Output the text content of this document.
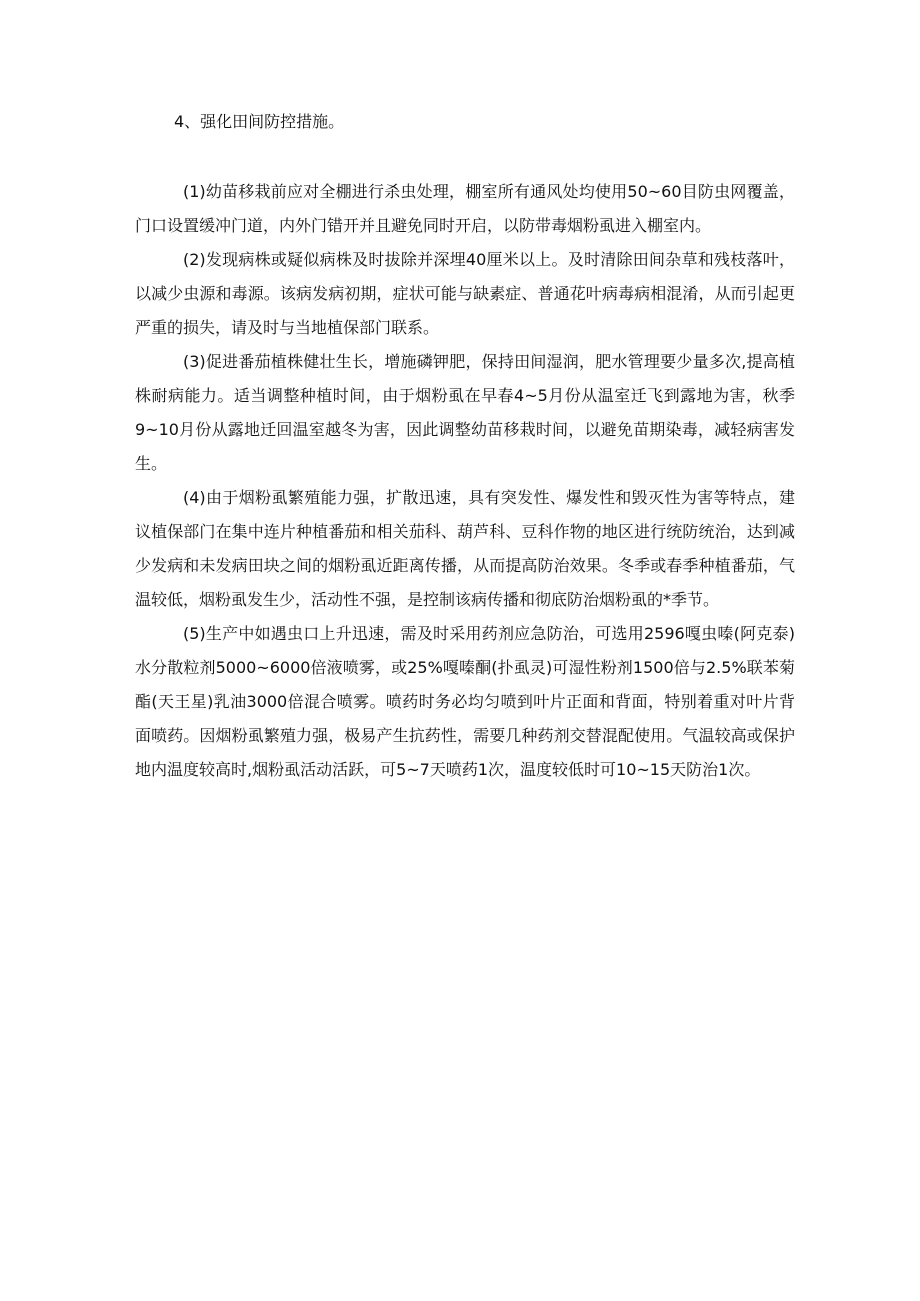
4、强化田间防控措施。

(1)幼苗移栽前应对全棚进行杀虫处理，棚室所有通风处均使用50~60目防虫网覆盖，门口设置缓冲门道，内外门错开并且避免同时开启，以防带毒烟粉虱进入棚室内。

(2)发现病株或疑似病株及时拔除并深埋40厘米以上。及时清除田间杂草和残枝落叶，以减少虫源和毒源。该病发病初期，症状可能与缺素症、普通花叶病毒病相混淆，从而引起更严重的损失，请及时与当地植保部门联系。

(3)促进番茄植株健壮生长，增施磷钾肥，保持田间湿润，肥水管理要少量多次,提高植株耐病能力。适当调整种植时间，由于烟粉虱在早春4~5月份从温室迁飞到露地为害，秋季9~10月份从露地迁回温室越冬为害，因此调整幼苗移栽时间，以避免苗期染毒，减轻病害发生。

(4)由于烟粉虱繁殖能力强，扩散迅速，具有突发性、爆发性和毁灭性为害等特点，建议植保部门在集中连片种植番茄和相关茄科、葫芦科、豆科作物的地区进行统防统治，达到减少发病和未发病田块之间的烟粉虱近距离传播，从而提高防治效果。冬季或春季种植番茄，气温较低，烟粉虱发生少，活动性不强，是控制该病传播和彻底防治烟粉虱的*季节。

(5)生产中如遇虫口上升迅速，需及时采用药剂应急防治，可选用2596嘎虫嗪(阿克泰)水分散粒剂5000~6000倍液喷雾，或25%嘎嗪酮(扑虱灵)可湿性粉剂1500倍与2.5%联苯菊酯(天王星)乳油3000倍混合喷雾。喷药时务必均匀喷到叶片正面和背面，特别着重对叶片背面喷药。因烟粉虱繁殖力强，极易产生抗药性，需要几种药剂交替混配使用。气温较高或保护地内温度较高时,烟粉虱活动活跃，可5~7天喷药1次，温度较低时可10~15天防治1次。
